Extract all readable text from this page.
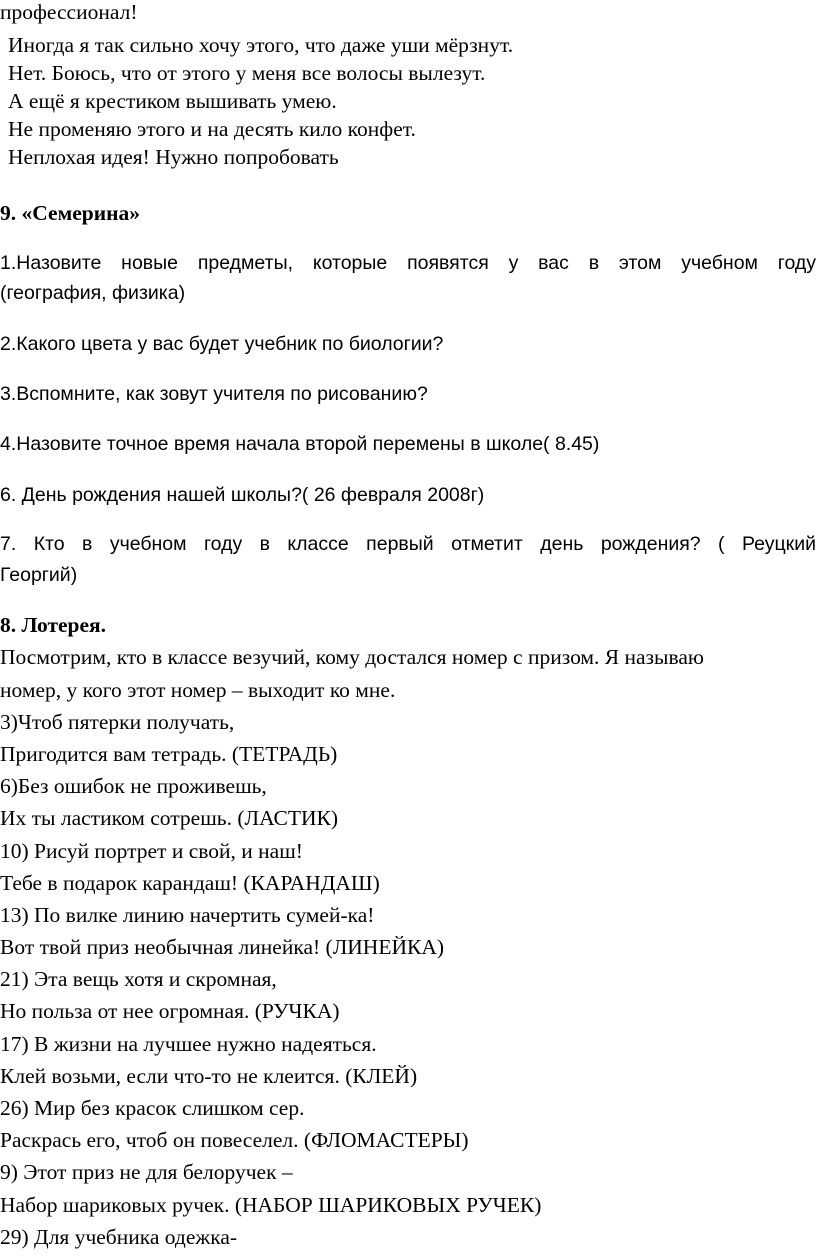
профессионал!
Иногда я так сильно хочу этого, что даже уши мёрзнут.
Нет. Боюсь, что от этого у меня все волосы вылезут.
А ещё я крестиком вышивать умею.
Не променяю этого и на десять кило конфет.
Неплохая идея! Нужно попробовать
9. «Семерина»
1.Назовите новые предметы, которые появятся у вас в этом учебном году
(география, физика)
2.Какого цвета у вас будет учебник по биологии?
3.Вспомните, как зовут учителя по рисованию?
4.Назовите точное время начала второй перемены в школе( 8.45)
6. День рождения нашей школы?( 26 февраля 2008г)
7. Кто в учебном году в классе первый отметит день рождения? ( Реуцкий
Георгий)
8. Лотерея.
Посмотрим, кто в классе везучий, кому достался номер с призом. Я называю
номер, у кого этот номер – выходит ко мне.
3)Чтоб пятерки получать,
Пригодится вам тетрадь. (ТЕТРАДЬ)
6)Без ошибок не проживешь,
Их ты ластиком сотрешь. (ЛАСТИК)
10) Рисуй портрет и свой, и наш!
Тебе в подарок карандаш! (КАРАНДАШ)
13) По вилке линию начертить сумей-ка!
Вот твой приз необычная линейка! (ЛИНЕЙКА)
21) Эта вещь хотя и скромная,
Но польза от нее огромная. (РУЧКА)
17) В жизни на лучшее нужно надеяться.
Клей возьми, если что-то не клеится. (КЛЕЙ)
26) Мир без красок слишком сер.
Раскрась его, чтоб он повеселел. (ФЛОМАСТЕРЫ)
9) Этот приз не для белоручек –
Набор шариковых ручек. (НАБОР ШАРИКОВЫХ РУЧЕК)
29) Для учебника одежка-
